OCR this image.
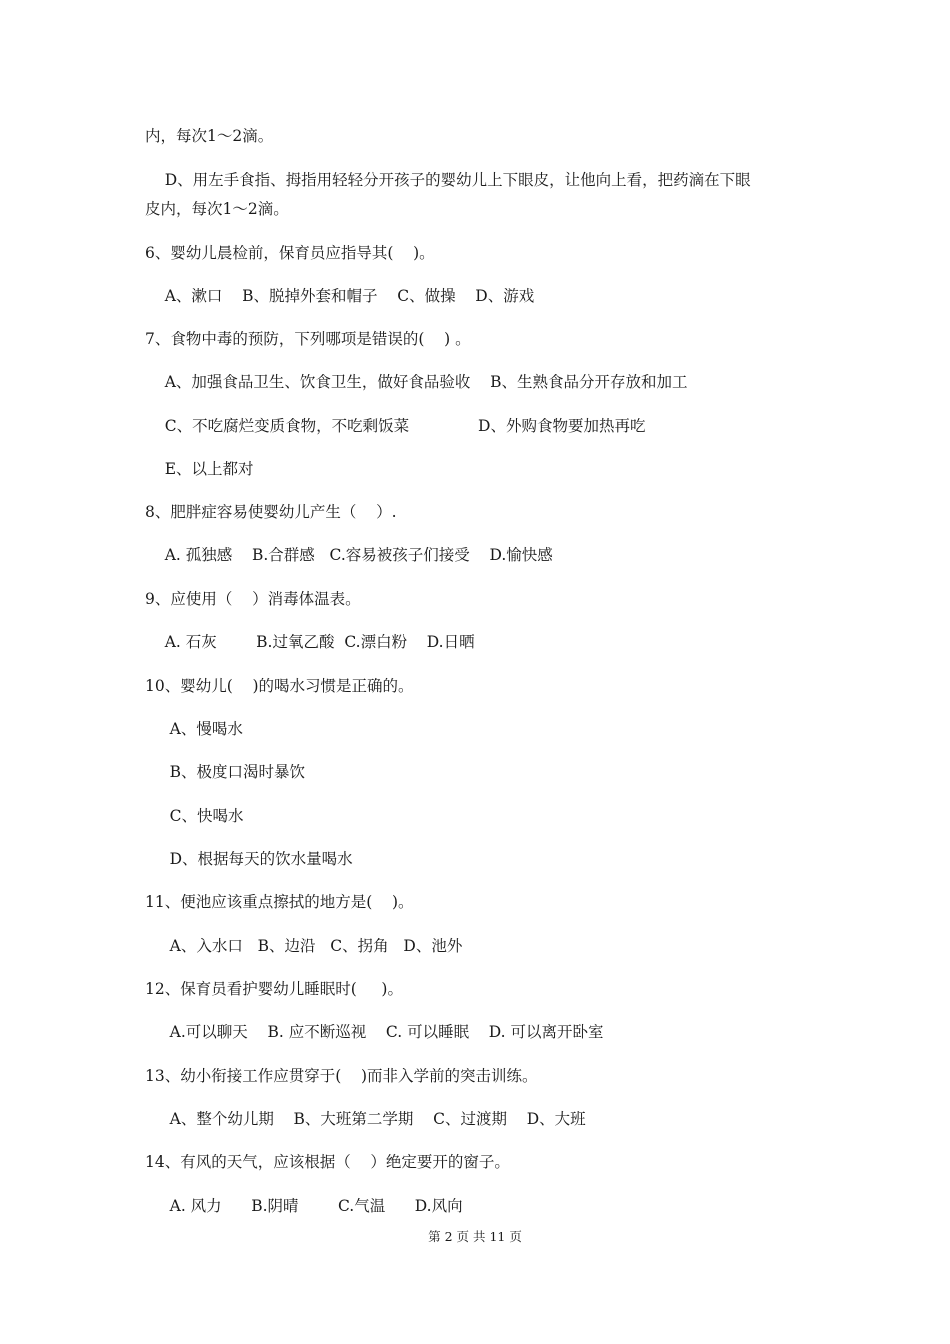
内，每次1～2滴。
D、用左手食指、拇指用轻轻分开孩子的婴幼儿上下眼皮，让他向上看，把药滴在下眼
皮内，每次1～2滴。
6、婴幼儿晨检前，保育员应指导其(    )。
A、漱口    B、脱掉外套和帽子    C、做操    D、游戏
7、食物中毒的预防，下列哪项是错误的(    ) 。
A、加强食品卫生、饮食卫生，做好食品验收    B、生熟食品分开存放和加工
C、不吃腐烂变质食物，不吃剩饭菜              D、外购食物要加热再吃
E、以上都对
8、肥胖症容易使婴幼儿产生（    ）.
A. 孤独感    B.合群感   C.容易被孩子们接受    D.愉快感
9、应使用（    ）消毒体温表。
A. 石灰        B.过氧乙酸  C.漂白粉    D.日晒
10、婴幼儿(    )的喝水习惯是正确的。
A、慢喝水
B、极度口渴时暴饮
C、快喝水
D、根据每天的饮水量喝水
11、便池应该重点擦拭的地方是(    )。
A、入水口   B、边沿   C、拐角   D、池外
12、保育员看护婴幼儿睡眠时(     )。
A.可以聊天    B. 应不断巡视    C. 可以睡眠    D. 可以离开卧室
13、幼小衔接工作应贯穿于(    )而非入学前的突击训练。
A、整个幼儿期    B、大班第二学期    C、过渡期    D、大班
14、有风的天气，应该根据（    ）绝定要开的窗子。
A. 风力      B.阴晴        C.气温      D.风向
第 2 页 共 11 页
